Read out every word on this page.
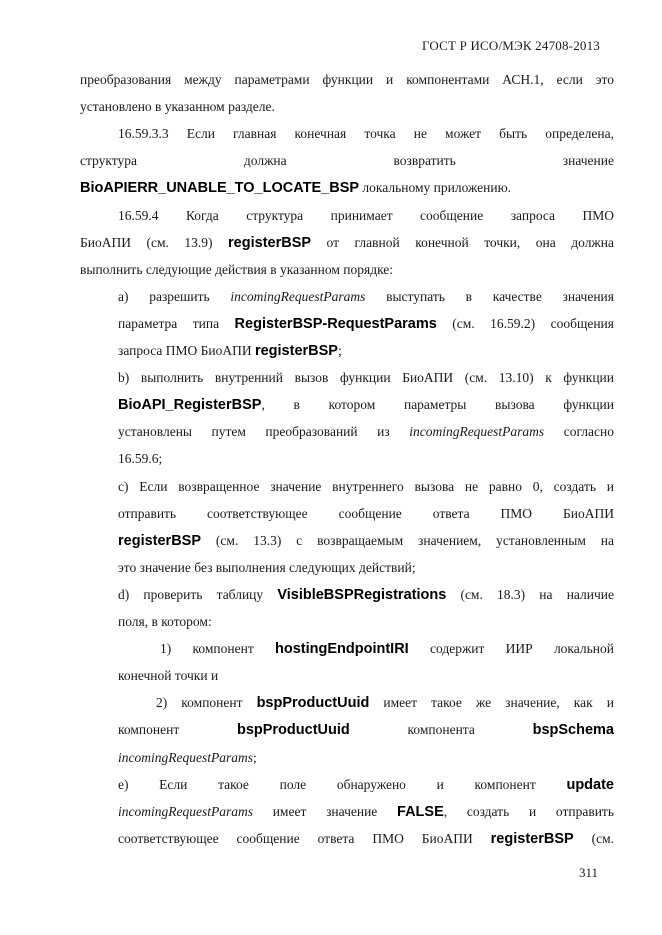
ГОСТ Р ИСО/МЭК 24708-2013
преобразования между параметрами функции и компонентами АСН.1, если это
установлено в указанном разделе.
16.59.3.3 Если главная конечная точка не может быть определена,
структура должна возвратить значение
BioAPIERR_UNABLE_TO_LOCATE_BSP локальному приложению.
16.59.4 Когда структура принимает сообщение запроса ПМО
БиоАПИ (см. 13.9) registerBSP от главной конечной точки, она должна
выполнить следующие действия в указанном порядке:
а) разрешить incomingRequestParams выступать в качестве значения
параметра типа RegisterBSP-RequestParams (см. 16.59.2) сообщения
запроса ПМО БиоАПИ registerBSP;
b) выполнить внутренний вызов функции БиоАПИ (см. 13.10) к функции
BioAPI_RegisterBSP, в котором параметры вызова функции
установлены путем преобразований из incomingRequestParams согласно
16.59.6;
c) Если возвращенное значение внутреннего вызова не равно 0, создать и
отправить соответствующее сообщение ответа ПМО БиоАПИ
registerBSP (см. 13.3) с возвращаемым значением, установленным на
это значение без выполнения следующих действий;
d) проверить таблицу VisibleBSPRegistrations (см. 18.3) на наличие
поля, в котором:
1) компонент hostingEndpointIRI содержит ИИР локальной
конечной точки и
2) компонент bspProductUuid имеет такое же значение, как и
компонент bspProductUuid компонента bspSchema
incomingRequestParams;
e) Если такое поле обнаружено и компонент update
incomingRequestParams имеет значение FALSE, создать и отправить
соответствующее сообщение ответа ПМО БиоАПИ registerBSP (см.
311
